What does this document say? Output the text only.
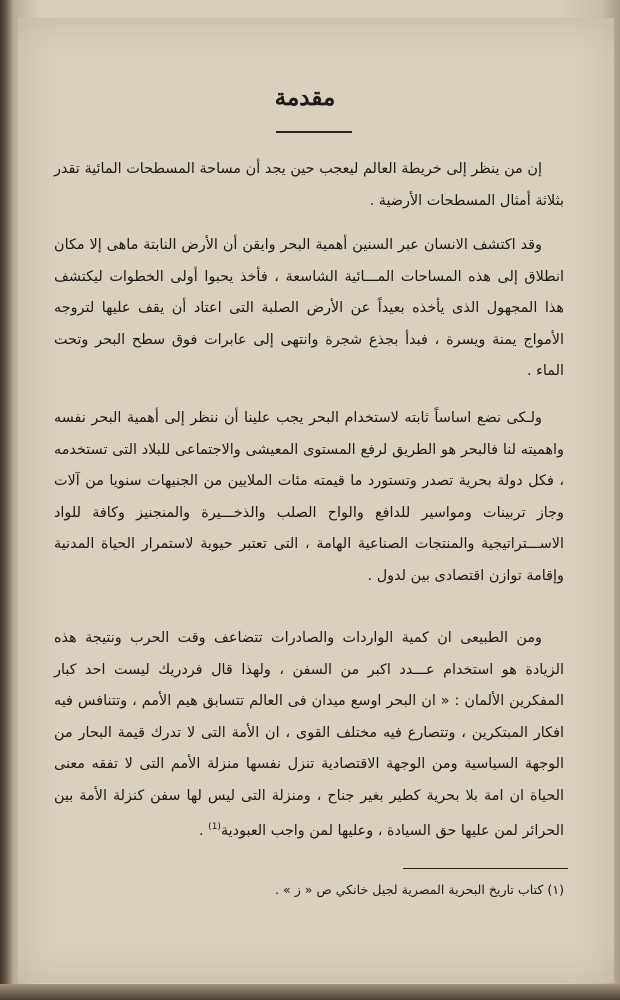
مقدمة

إن من ينظر إلى خريطة العالم ليعجب حين يجد أن مساحة المسطحات المائية تقدر بثلاثة أمثال المسطحات الأرضية .

وقد اكتشف الانسان عبر السنين أهمية البحر وايقن أن الأرض النابتة ماهى إلا مكان انطلاق إلى هذه المساحات المـــائية الشاسعة ، فأخذ يحبوا أولى الخطوات ليكتشف هذا المجهول الذى يأخذه بعيداً عن الأرض الصلبة التى اعتاد أن يقف عليها لتروجه الأمواج يمنة ويسرة ، فبدأ بجذع شجرة وانتهى إلى عابرات فوق سطح البحر وتحت الماء .

ولـكى نضع اساساً ثابته لاستخدام البحر يجب علينا أن ننظر إلى أهمية البحر نفسه واهميته لنا فالبحر هو الطريق لرفع المستوى المعيشى والاجتماعى للبلاد التى تستخدمه ، فكل دولة بحرية تصدر وتستورد ما قيمته مئات الملايين من الجنيهات سنويا من آلات وجاز تربينات ومواسير للدافع والواح الصلب والذخـــيرة والمنجنيز وكافة للواد الاســـتراتيجية والمنتجات الصناعية الهامة ، التى تعتبر حيوية لاستمرار الحياة المدنية وإقامة توازن اقتصادى بين لدول .

ومن الطبيعى ان كمية الواردات والصادرات تتضاعف وقت الحرب ونتيجة هذه الزيادة هو استخدام عـــدد اكبر من السفن ، ولهذا قال فردريك ليست احد كبار المفكرين الألمان : « ان البحر اوسع ميدان فى العالم تتسابق هيم الأمم ، وتتنافس فيه افكار المبتكرين ، وتتصارع فيه مختلف القوى ، ان الأمة التى لا تدرك قيمة البحار من الوجهة السياسية ومن الوجهة الاقتصادية تنزل نفسها منزلة الأمم التى لا تفقه معنى الحياة ان امة بلا بحرية كطير بغير جناح ، ومنزلة التى ليس لها سفن كنزلة الأمة بين الحرائر لمن عليها حق السيادة ، وعليها لمن واجب العبودية$^{(1)}$ .

(١) كتاب تاريخ البحرية المصرية لجيل خانكي ص « ز » .
